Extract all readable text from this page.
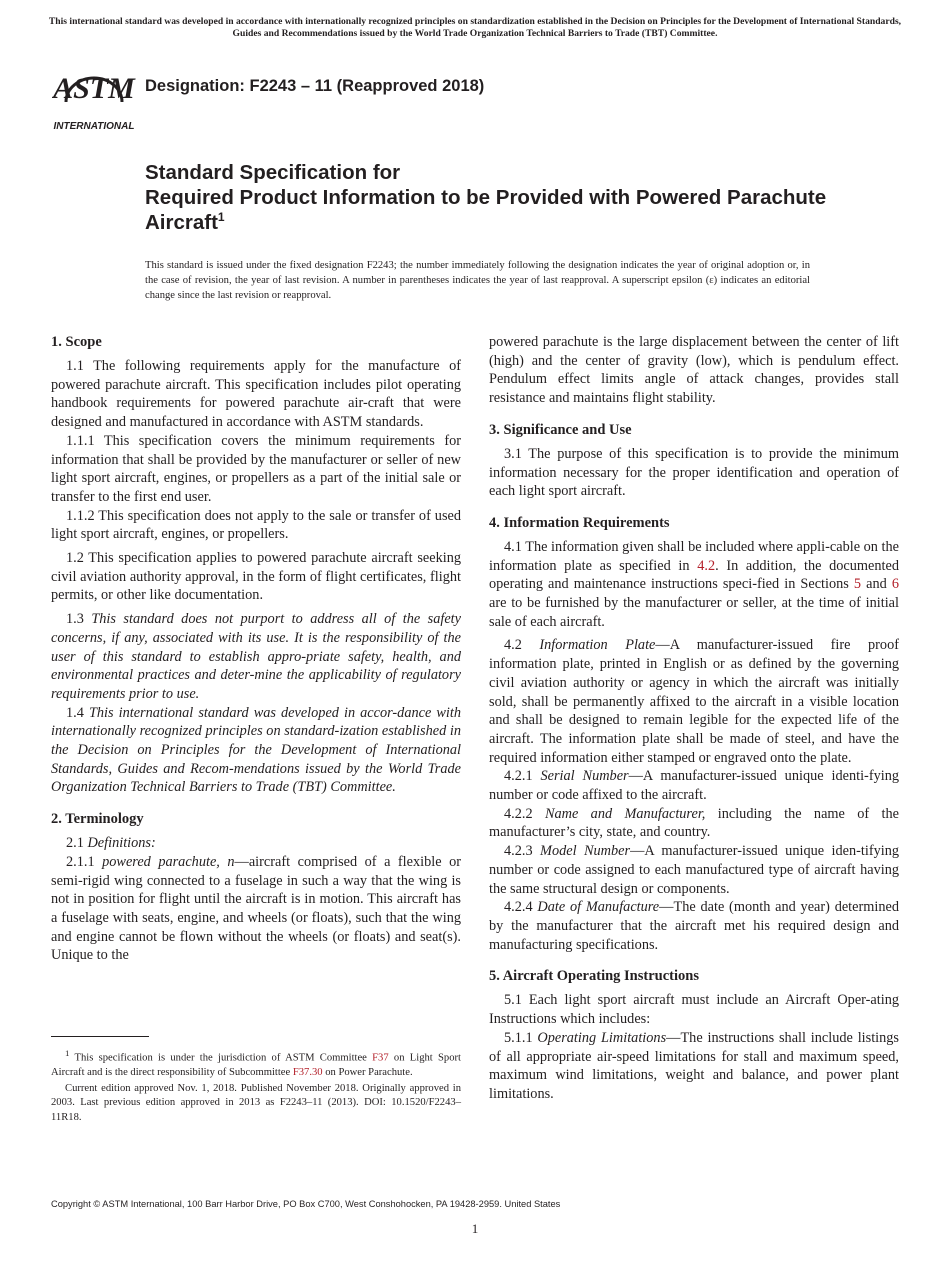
This international standard was developed in accordance with internationally recognized principles on standardization established in the Decision on Principles for the Development of International Standards, Guides and Recommendations issued by the World Trade Organization Technical Barriers to Trade (TBT) Committee.
ASTM
INTERNATIONAL
Designation: F2243 – 11 (Reapproved 2018)
Standard Specification for
Required Product Information to be Provided with Powered Parachute Aircraft$^1$
This standard is issued under the fixed designation F2243; the number immediately following the designation indicates the year of original adoption or, in the case of revision, the year of last revision. A number in parentheses indicates the year of last reapproval. A superscript epsilon (ε) indicates an editorial change since the last revision or reapproval.
1. Scope

1.1 The following requirements apply for the manufacture of powered parachute aircraft. This specification includes pilot operating handbook requirements for powered parachute air-craft that were designed and manufactured in accordance with ASTM standards.

1.1.1 This specification covers the minimum requirements for information that shall be provided by the manufacturer or seller of new light sport aircraft, engines, or propellers as a part of the initial sale or transfer to the first end user.

1.1.2 This specification does not apply to the sale or transfer of used light sport aircraft, engines, or propellers.

1.2 This specification applies to powered parachute aircraft seeking civil aviation authority approval, in the form of flight certificates, flight permits, or other like documentation.

1.3 This standard does not purport to address all of the safety concerns, if any, associated with its use. It is the responsibility of the user of this standard to establish appro-priate safety, health, and environmental practices and deter-mine the applicability of regulatory requirements prior to use.

1.4 This international standard was developed in accor-dance with internationally recognized principles on standard-ization established in the Decision on Principles for the Development of International Standards, Guides and Recom-mendations issued by the World Trade Organization Technical Barriers to Trade (TBT) Committee.

2. Terminology

2.1 Definitions:

2.1.1 powered parachute, n—aircraft comprised of a flexible or semi-rigid wing connected to a fuselage in such a way that the wing is not in position for flight until the aircraft is in motion. This aircraft has a fuselage with seats, engine, and wheels (or floats), such that the wing and engine cannot be flown without the wheels (or floats) and seat(s). Unique to the

$^1$ This specification is under the jurisdiction of ASTM Committee F37 on Light Sport Aircraft and is the direct responsibility of Subcommittee F37.30 on Power Parachute.

Current edition approved Nov. 1, 2018. Published November 2018. Originally approved in 2003. Last previous edition approved in 2013 as F2243–11 (2013). DOI: 10.1520/F2243–11R18.

powered parachute is the large displacement between the center of lift (high) and the center of gravity (low), which is pendulum effect. Pendulum effect limits angle of attack changes, provides stall resistance and maintains flight stability.

3. Significance and Use

3.1 The purpose of this specification is to provide the minimum information necessary for the proper identification and operation of each light sport aircraft.

4. Information Requirements

4.1 The information given shall be included where appli-cable on the information plate as specified in 4.2. In addition, the documented operating and maintenance instructions speci-fied in Sections 5 and 6 are to be furnished by the manufacturer or seller, at the time of initial sale of each aircraft.

4.2 Information Plate—A manufacturer-issued fire proof information plate, printed in English or as defined by the governing civil aviation authority or agency in which the aircraft was initially sold, shall be permanently affixed to the aircraft in a visible location and shall be designed to remain legible for the expected life of the aircraft. The information plate shall be made of steel, and have the required information either stamped or engraved onto the plate.

4.2.1 Serial Number—A manufacturer-issued unique identi-fying number or code affixed to the aircraft.

4.2.2 Name and Manufacturer, including the name of the manufacturer’s city, state, and country.

4.2.3 Model Number—A manufacturer-issued unique iden-tifying number or code assigned to each manufactured type of aircraft having the same structural design or components.

4.2.4 Date of Manufacture—The date (month and year) determined by the manufacturer that the aircraft met his required design and manufacturing specifications.

5. Aircraft Operating Instructions

5.1 Each light sport aircraft must include an Aircraft Oper-ating Instructions which includes:

5.1.1 Operating Limitations—The instructions shall include listings of all appropriate air-speed limitations for stall and maximum speed, maximum wind limitations, weight and balance, and power plant limitations.

Copyright © ASTM International, 100 Barr Harbor Drive, PO Box C700, West Conshohocken, PA 19428-2959. United States
1
